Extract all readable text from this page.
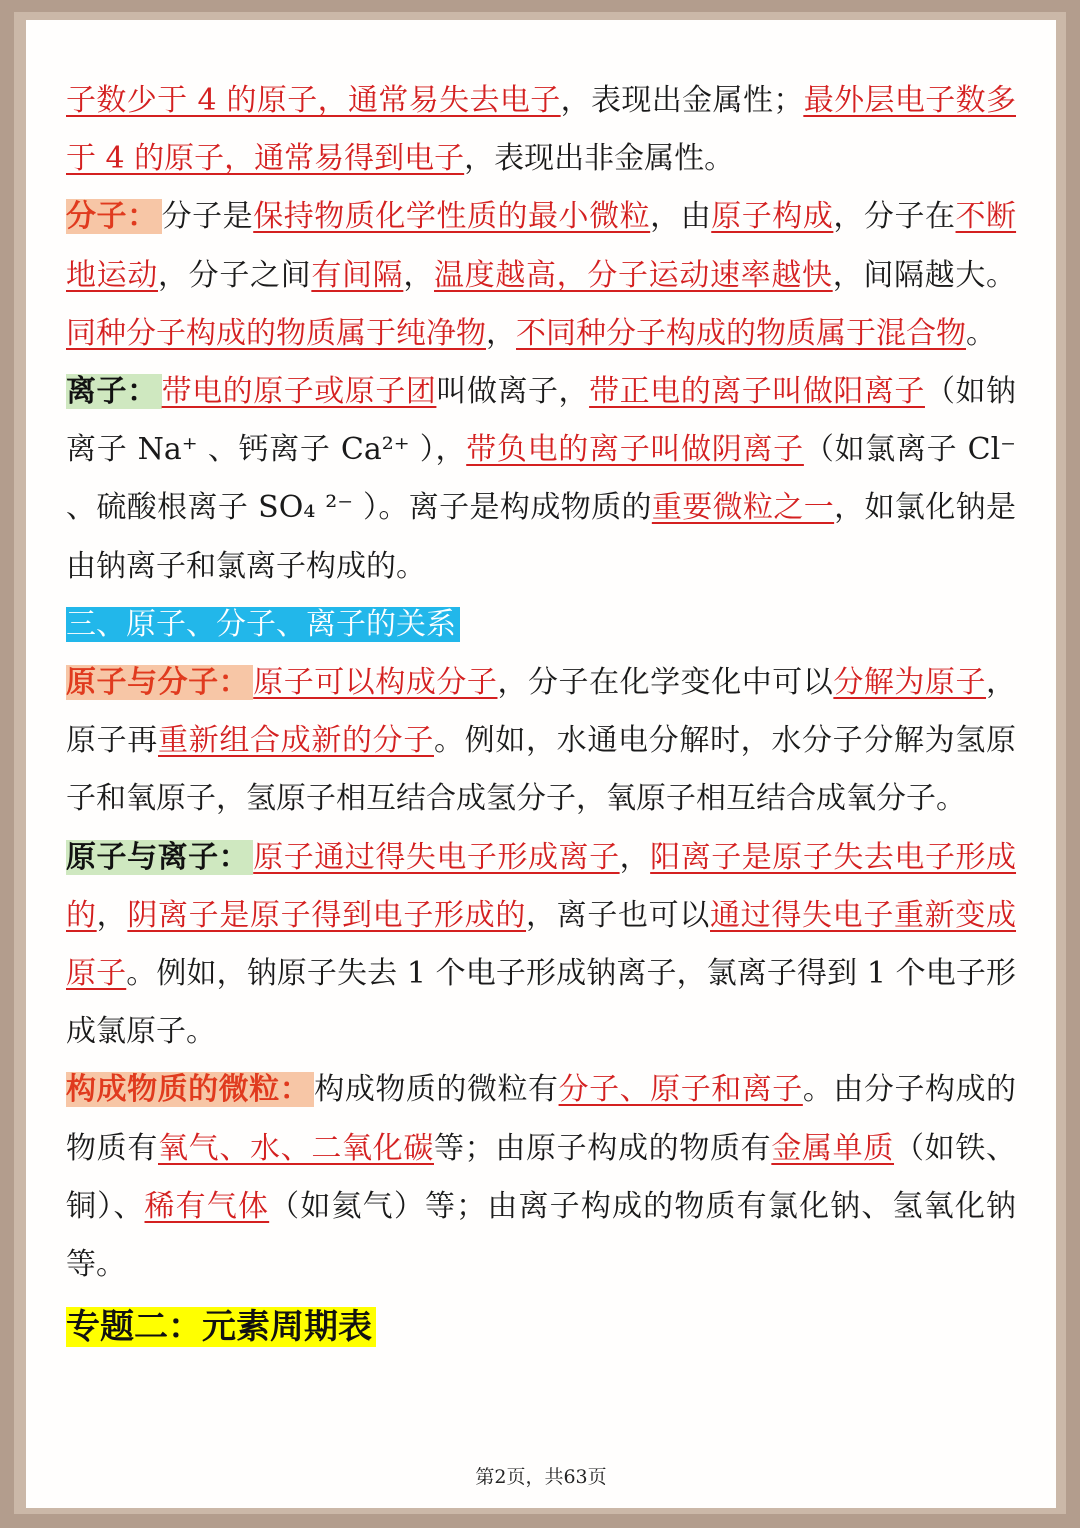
子数少于 4 的原子，通常易失去电子，表现出金属性；最外层电子数多于 4 的原子，通常易得到电子，表现出非金属性。

分子： 分子是保持物质化学性质的最小微粒，由原子构成，分子在不断地运动，分子之间有间隔，温度越高，分子运动速率越快，间隔越大。同种分子构成的物质属于纯净物，不同种分子构成的物质属于混合物。

离子： 带电的原子或原子团叫做离子，带正电的离子叫做阳离子（如钠离子 Na⁺ 、钙离子 Ca²⁺ ），带负电的离子叫做阴离子（如氯离子 Cl⁻ 、硫酸根离子 SO₄ ²⁻ ）。离子是构成物质的重要微粒之一，如氯化钠是由钠离子和氯离子构成的。

三、原子、分子、离子的关系

原子与分子： 原子可以构成分子，分子在化学变化中可以分解为原子，原子再重新组合成新的分子。例如，水通电分解时，水分子分解为氢原子和氧原子，氢原子相互结合成氢分子，氧原子相互结合成氧分子。

原子与离子： 原子通过得失电子形成离子，阳离子是原子失去电子形成的，阴离子是原子得到电子形成的，离子也可以通过得失电子重新变成原子。例如，钠原子失去 1 个电子形成钠离子，氯离子得到 1 个电子形成氯原子。

构成物质的微粒： 构成物质的微粒有分子、原子和离子。由分子构成的物质有氧气、水、二氧化碳等；由原子构成的物质有金属单质（如铁、铜）、稀有气体（如氦气）等；由离子构成的物质有氯化钠、氢氧化钠等。

专题二：元素周期表

第2页，共63页
